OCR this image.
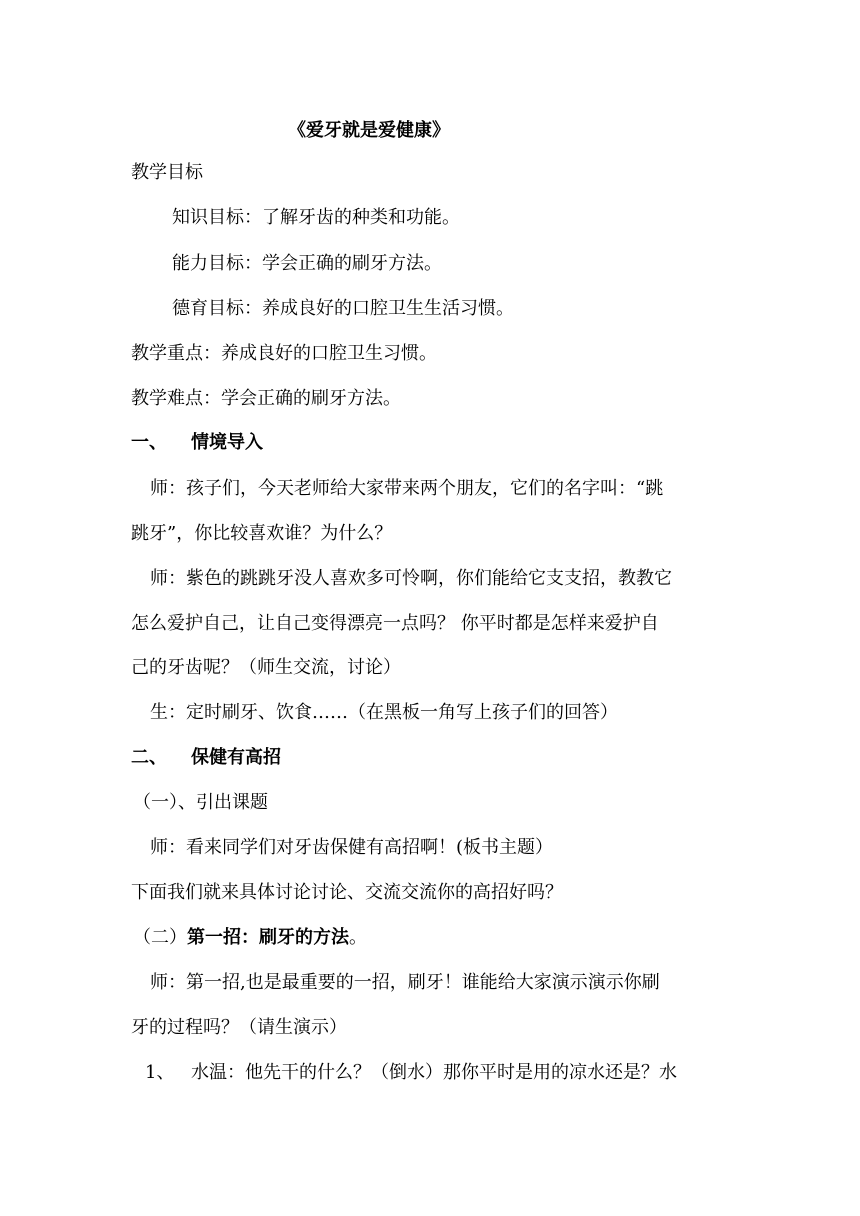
《爱牙就是爱健康》
教学目标
知识目标：了解牙齿的种类和功能。
能力目标：学会正确的刷牙方法。
德育目标：养成良好的口腔卫生生活习惯。
教学重点：养成良好的口腔卫生习惯。
教学难点：学会正确的刷牙方法。
一、 情境导入
师：孩子们，今天老师给大家带来两个朋友，它们的名字叫：“跳
跳牙”，你比较喜欢谁？为什么？
师：紫色的跳跳牙没人喜欢多可怜啊，你们能给它支支招，教教它
怎么爱护自己，让自己变得漂亮一点吗？ 你平时都是怎样来爱护自
己的牙齿呢？（师生交流，讨论）
生：定时刷牙、饮食……（在黑板一角写上孩子们的回答）
二、 保健有高招
（一）、引出课题
师：看来同学们对牙齿保健有高招啊！(板书主题）
下面我们就来具体讨论讨论、交流交流你的高招好吗？
（二）第一招：刷牙的方法。
师：第一招,也是最重要的一招，刷牙！谁能给大家演示演示你刷
牙的过程吗？（请生演示）
1、 水温：他先干的什么？（倒水）那你平时是用的凉水还是？水
